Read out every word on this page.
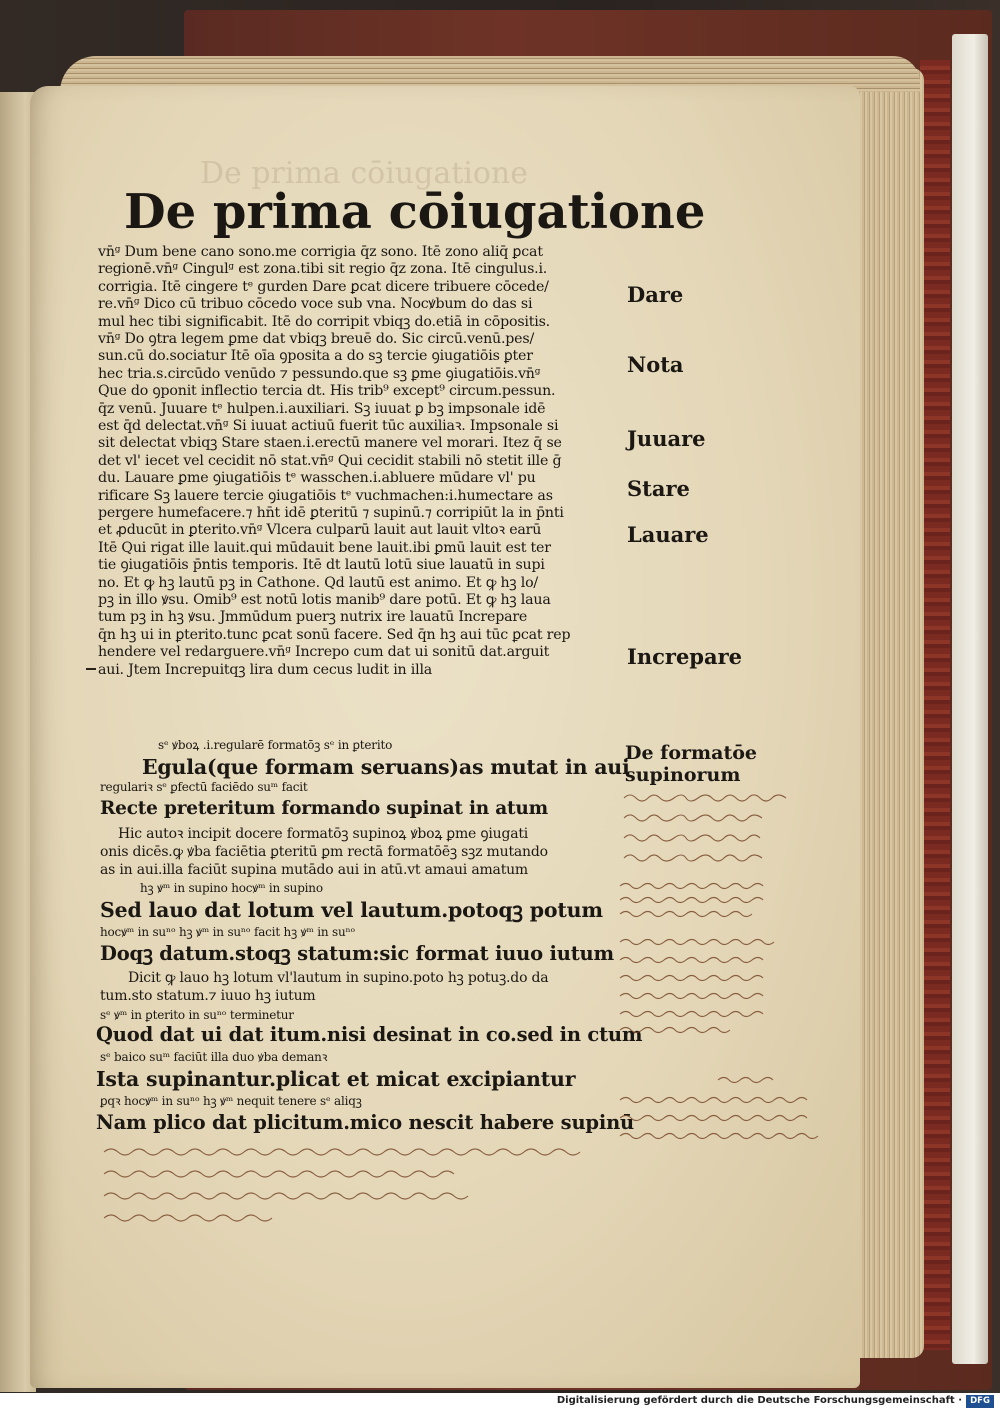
De prima cōiugatione
De prima cōiugatione
vn̄ᵍ Dum bene cano sono.me corrigia q̄z sono. Itē zono aliq̄ ꝑcat
regionē.vn̄ᵍ Cingulᵍ est zona.tibi sit regio q̄z zona. Itē cingulus.i.
corrigia. Itē cingere tᵉ gurden Dare ꝑcat dicere tribuere cōcede/
re.vn̄ᵍ Dico cū tribuo cōcedo voce sub vna. Nocꝟbum do das si
mul hec tibi significabit. Itē do corripit vbiqꝫ do.etiā in cōpositis.
vn̄ᵍ Do ꝯtra legem ꝑme dat vbiqꝫ breuē do. Sic circū.venū.pes/
sun.cū do.sociatur Itē oīa ꝯposita a do sꝫ tercie ꝯiugatiōis ꝑter
hec tria.s.circūdo venūdo ⁊ pessundo.que sꝫ ꝑme ꝯiugatiōis.vn̄ᵍ
Que do ꝯponit inflectio tercia dt. His trib⁹ except⁹ circum.pessun.
q̄z venū. Juuare tᵉ hulpen.i.auxiliari. Sꝫ iuuat ꝑ bꝫ impsonale idē
est q̄d delectat.vn̄ᵍ Si iuuat actiuū fuerit tūc auxiliaꝛ. Impsonale si
sit delectat vbiqꝫ Stare staen.i.erectū manere vel morari. Itez q̄ se
det vl' iecet vel cecidit nō stat.vn̄ᵍ Qui cecidit stabili nō stetit ille ḡ
du. Lauare ꝑme ꝯiugatiōis tᵉ wasschen.i.abluere mūdare vl' pu
rificare Sꝫ lauere tercie ꝯiugatiōis tᵉ vuchmachen:i.humectare as
pergere humefacere.⁊ hn̄t idē ꝑteritū ⁊ supinū.⁊ corripiūt la in p̄nti
et ꝓducūt in ꝑterito.vn̄ᵍ Vlcera culparū lauit aut lauit vltoꝛ earū
Itē Qui rigat ille lauit.qui mūdauit bene lauit.ibi ꝑmū lauit est ter
tie ꝯiugatiōis p̄ntis temporis. Itē dt lautū lotū siue lauatū in supi
no. Et ꝙ hꝫ lautū pꝫ in Cathone. Qd lautū est animo. Et ꝙ hꝫ lo/
pꝫ in illo ꝟsu. Omib⁹ est notū lotis manib⁹ dare potū. Et ꝙ hꝫ laua
tum pꝫ in hꝫ ꝟsu. Jmmūdum puerꝫ nutrix ire lauatū Increpare
q̄n hꝫ ui in ꝑterito.tunc ꝑcat sonū facere. Sed q̄n hꝫ aui tūc ꝑcat rep
hendere vel redarguere.vn̄ᵍ Increpo cum dat ui sonitū dat.arguit
aui. Jtem Increpuitqꝫ lira dum cecus ludit in illa
sᵉ ꝟboꝝ .i.regularē formatōꝫ sᵉ in ꝑterito
Egula(que formam seruans)as mutat in aui
regulariꝛ sᵉ ꝑfectū faciēdo suᵐ facit
Recte preteritum formando supinat in atum
Hic autoꝛ incipit docere formatōꝫ supinoꝝ ꝟboꝝ ꝑme ꝯiugati
onis dicēs.ꝙ ꝟba faciētia ꝑteritū ꝑm rectā formatōēꝫ sꝫz mutando
as in aui.illa faciūt supina mutādo aui in atū.vt amaui amatum
hꝫ ꝟᵐ in supino hocꝟᵐ in supino
Sed lauo dat lotum vel lautum.potoqꝫ potum
hocꝟᵐ in suⁿᵒ hꝫ ꝟᵐ in suⁿᵒ facit hꝫ ꝟᵐ in suⁿᵒ
Doqꝫ datum.stoqꝫ statum:sic format iuuo iutum
Dicit ꝙ lauo hꝫ lotum vl'lautum in supino.poto hꝫ potuꝫ.do da
tum.sto statum.⁊ iuuo hꝫ iutum
sᵉ ꝟᵐ in ꝑterito in suⁿᵒ terminetur
Quod dat ui dat itum.nisi desinat in co.sed in ctum
sᵉ baico suᵐ faciūt illa duo ꝟba demanꝛ
Ista supinantur.plicat et micat excipiantur
ꝑqꝛ hocꝟᵐ in suⁿᵒ hꝫ ꝟᵐ nequit tenere sᵉ aliqꝫ
Nam plico dat plicitum.mico nescit habere supinū
Dare
Nota
Juuare
Stare
Lauare
Increpare
De formatōe
supinorum
Digitalisierung gefördert durch die Deutsche Forschungsgemeinschaft · DFG
